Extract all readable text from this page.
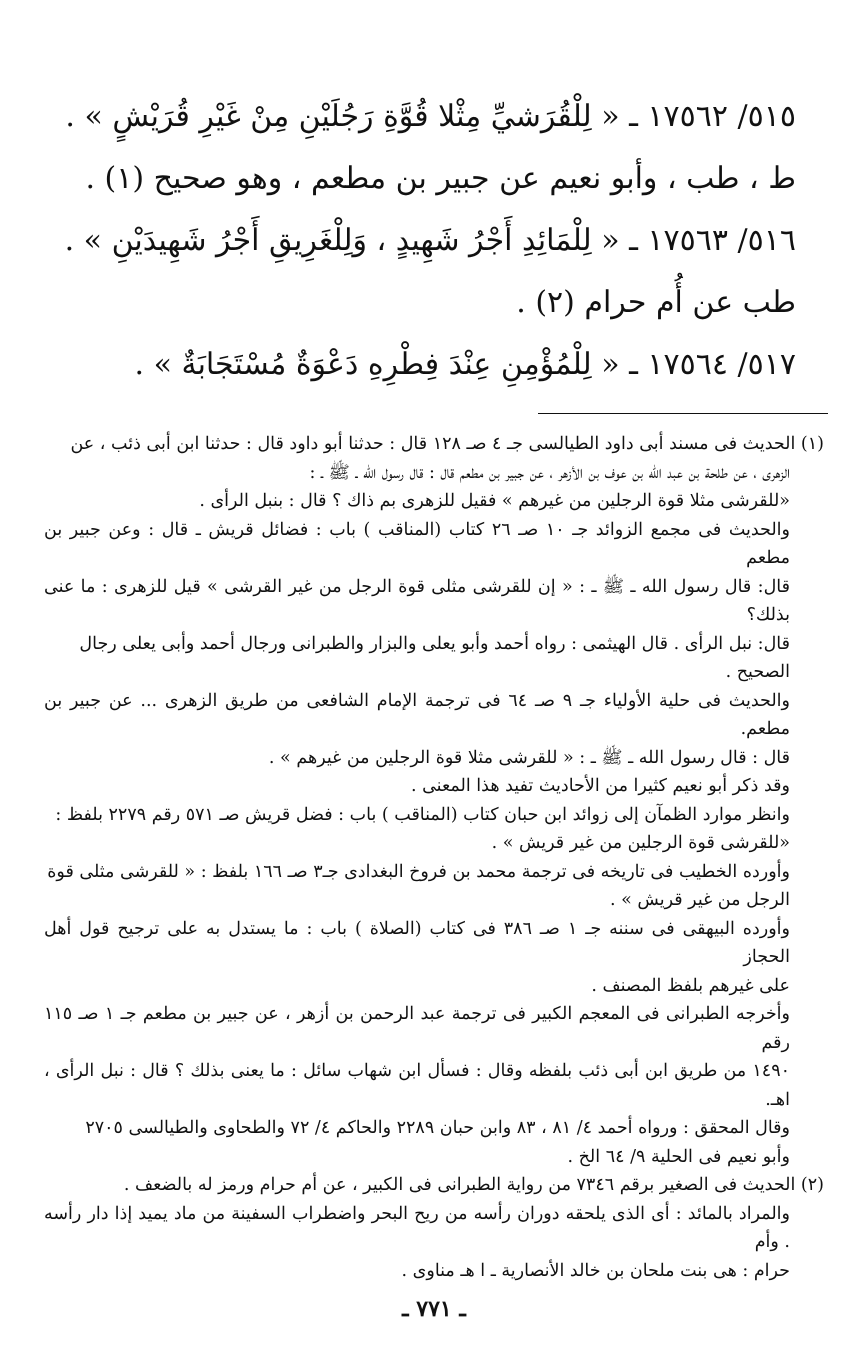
٥١٥/ ١٧٥٦٢ ـ « لِلْقُرَشيِّ مِثْلا قُوَّةِ رَجُلَيْنِ مِنْ غَيْرِ قُرَيْشٍ » .
ط ، طب ، وأبو نعيم عن جبير بن مطعم ، وهو صحيح (١) .
٥١٦/ ١٧٥٦٣ ـ « لِلْمَائِدِ أَجْرُ شَهِيدٍ ، وَلِلْغَرِيقِ أَجْرُ شَهِيدَيْنِ » .
طب عن أُم حرام (٢) .
٥١٧/ ١٧٥٦٤ ـ « لِلْمُؤْمِنِ عِنْدَ فِطْرِهِ دَعْوَةٌ مُسْتَجَابَةٌ » .
(١) الحديث فى مسند أبى داود الطيالسى جـ ٤ صـ ١٢٨ قال : حدثنا أبو داود قال : حدثنا ابن أبى ذئب ، عن
الزهرى ، عن طلحة بن عبد الله بن عوف بن الأزهر ، عن جبير بن مطعم قال : قال رسول الله ـ ﷺ ـ :
«للقرشى مثلا قوة الرجلين من غيرهم » فقيل للزهرى بم ذاك ؟ قال : بنبل الرأى .
والحديث فى مجمع الزوائد جـ ١٠ صـ ٢٦ كتاب (المناقب ) باب : فضائل قريش ـ قال : وعن جبير بن مطعم
قال: قال رسول الله ـ ﷺ ـ : « إن للقرشى مثلى قوة الرجل من غير القرشى » قيل للزهرى : ما عنى بذلك؟
قال: نبل الرأى . قال الهيثمى : رواه أحمد وأبو يعلى والبزار والطبرانى ورجال أحمد وأبى يعلى رجال
الصحيح .
والحديث فى حلية الأولياء جـ ٩ صـ ٦٤ فى ترجمة الإمام الشافعى من طريق الزهرى ... عن جبير بن مطعم.
قال : قال رسول الله ـ ﷺ ـ : « للقرشى مثلا قوة الرجلين من غيرهم » .
وقد ذكر أبو نعيم كثيرا من الأحاديث تفيد هذا المعنى .
وانظر موارد الظمآن إلى زوائد ابن حبان كتاب (المناقب ) باب : فضل قريش صـ ٥٧١ رقم ٢٢٧٩ بلفظ :
«للقرشى قوة الرجلين من غير قريش » .
وأورده الخطيب فى تاريخه فى ترجمة محمد بن فروخ البغدادى جـ٣ صـ ١٦٦ بلفظ : « للقرشى مثلى قوة
الرجل من غير قريش » .
وأورده البيهقى فى سننه جـ ١ صـ ٣٨٦ فى كتاب (الصلاة ) باب : ما يستدل به على ترجيح قول أهل الحجاز
على غيرهم بلفظ المصنف .
وأخرجه الطبرانى فى المعجم الكبير فى ترجمة عبد الرحمن بن أزهر ، عن جبير بن مطعم جـ ١ صـ ١١٥ رقم
١٤٩٠ من طريق ابن أبى ذئب بلفظه وقال : فسأل ابن شهاب سائل : ما يعنى بذلك ؟ قال : نبل الرأى ، اهـ.
وقال المحقق : ورواه أحمد ٤/ ٨١ ، ٨٣ وابن حبان ٢٢٨٩ والحاكم ٤/ ٧٢ والطحاوى والطيالسى ٢٧٠٥
وأبو نعيم فى الحلية ٩/ ٦٤ الخ .
(٢) الحديث فى الصغير برقم ٧٣٤٦ من رواية الطبرانى فى الكبير ، عن أم حرام ورمز له بالضعف .
والمراد بالمائد : أى الذى يلحقه دوران رأسه من ريح البحر واضطراب السفينة من ماد يميد إذا دار رأسه . وأم
حرام : هى بنت ملحان بن خالد الأنصارية ـ ا هـ مناوى .
ـ ٧٧١ ـ
